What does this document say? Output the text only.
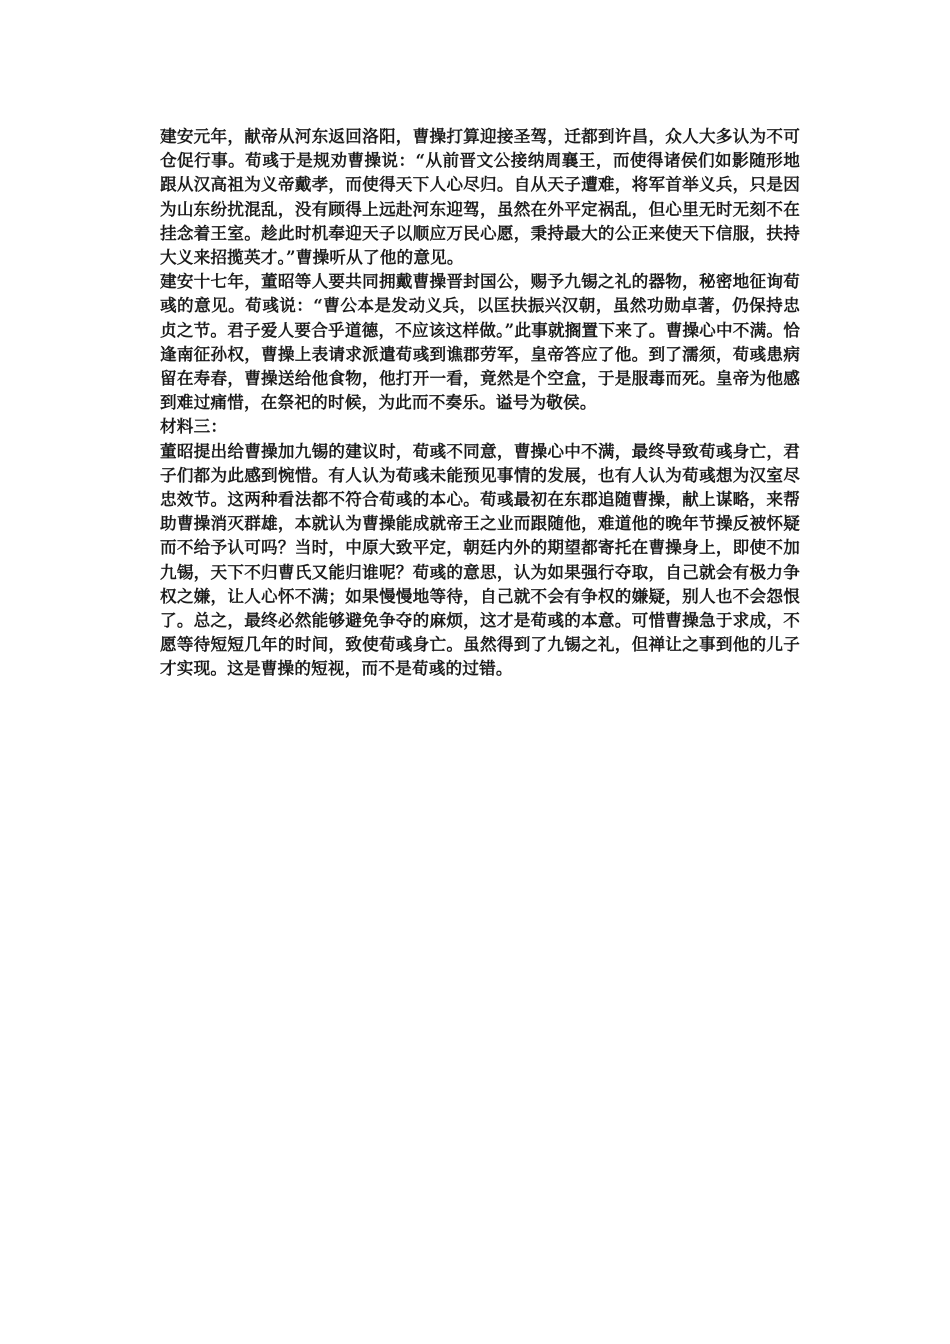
建安元年，献帝从河东返回洛阳，曹操打算迎接圣驾，迁都到许昌，众人大多认为不可仓促行事。荀彧于是规劝曹操说：“从前晋文公接纳周襄王，而使得诸侯们如影随形地跟从汉高祖为义帝戴孝，而使得天下人心尽归。自从天子遭难，将军首举义兵，只是因为山东纷扰混乱，没有顾得上远赴河东迎驾，虽然在外平定祸乱，但心里无时无刻不在挂念着王室。趁此时机奉迎天子以顺应万民心愿，秉持最大的公正来使天下信服，扶持大义来招揽英才。”曹操听从了他的意见。

建安十七年，董昭等人要共同拥戴曹操晋封国公，赐予九锡之礼的器物，秘密地征询荀彧的意见。荀彧说：“曹公本是发动义兵，以匡扶振兴汉朝，虽然功勋卓著，仍保持忠贞之节。君子爱人要合乎道德，不应该这样做。”此事就搁置下来了。曹操心中不满。恰逢南征孙权，曹操上表请求派遣荀彧到谯郡劳军，皇帝答应了他。到了濡须，荀彧患病留在寿春，曹操送给他食物，他打开一看，竟然是个空盒，于是服毒而死。皇帝为他感到难过痛惜，在祭祀的时候，为此而不奏乐。谥号为敬侯。

材料三：

董昭提出给曹操加九锡的建议时，荀彧不同意，曹操心中不满，最终导致荀彧身亡，君子们都为此感到惋惜。有人认为荀彧未能预见事情的发展，也有人认为荀彧想为汉室尽忠效节。这两种看法都不符合荀彧的本心。荀彧最初在东郡追随曹操，献上谋略，来帮助曹操消灭群雄，本就认为曹操能成就帝王之业而跟随他，难道他的晚年节操反被怀疑而不给予认可吗？当时，中原大致平定，朝廷内外的期望都寄托在曹操身上，即使不加九锡，天下不归曹氏又能归谁呢？荀彧的意思，认为如果强行夺取，自己就会有极力争权之嫌，让人心怀不满；如果慢慢地等待，自己就不会有争权的嫌疑，别人也不会怨恨了。总之，最终必然能够避免争夺的麻烦，这才是荀彧的本意。可惜曹操急于求成，不愿等待短短几年的时间，致使荀彧身亡。虽然得到了九锡之礼，但禅让之事到他的儿子才实现。这是曹操的短视，而不是荀彧的过错。
